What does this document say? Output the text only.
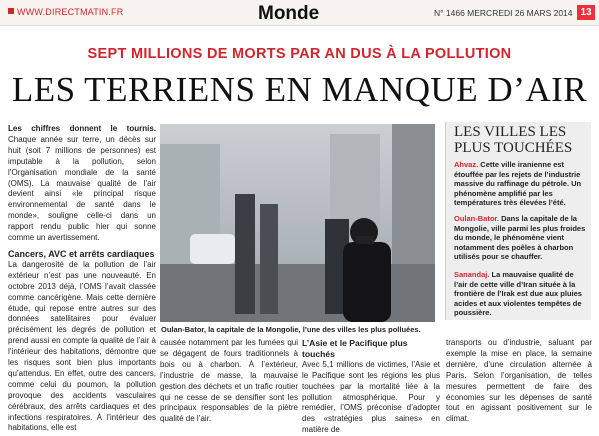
WWW.DIRECTMATIN.FR	Monde	N° 1466 MERCREDI 26 MARS 2014 13
SEPT MILLIONS DE MORTS PAR AN DUS À LA POLLUTION
LES TERRIENS EN MANQUE D’AIR

Les chiffres donnent le tournis. Chaque année sur terre, un décès sur huit (soit 7 millions de personnes) est imputable à la pollution, selon l’Organisation mondiale de la santé (OMS). La mauvaise qualité de l’air devient ainsi «le principal risque environnemental de santé dans le monde», souligne celle-ci dans un rapport rendu public hier qui sonne comme un avertissement.

Cancers, AVC et arrêts cardiaques

La dangerosité de la pollution de l’air extérieur n’est pas une nouveauté. En octobre 2013 déjà, l’OMS l’avait classée comme cancérigène. Mais cette dernière étude, qui repose entre autres sur des données satellitaires pour évaluer précisément les degrés de pollution et prend aussi en compte la qualité de l’air à l’intérieur des habitations, démontre que les risques sont bien plus importants qu’attendus. En effet, outre des cancers, comme celui du poumon, la pollution provoque des accidents vasculaires cérébraux, des arrêts cardiaques et des infections respiratoires. À l’intérieur des habitations, elle est

© NEWSCOM/SIPA
Oulan-Bator, la capitale de la Mongolie, l’une des villes les plus polluées.
LES VILLES LES PLUS TOUCHÉES
Ahvaz. Cette ville iranienne est étouffée par les rejets de l’industrie massive du raffinage du pétrole. Un phénomène amplifié par les températures très élevées l’été.
Oulan-Bator. Dans la capitale de la Mongolie, ville parmi les plus froides du monde, le phénomène vient notamment des poêles à charbon utilisés pour se chauffer.
Sanandaj. La mauvaise qualité de l’air de cette ville d’Iran située à la frontière de l’Irak est due aux pluies acides et aux violentes tempêtes de poussière.

causée notamment par les fumées qui se dégagent de fours traditionnels à bois ou à charbon. À l’extérieur, l’industrie de masse, la mauvaise gestion des déchets et un trafic routier qui ne cesse de se densifier sont les principaux responsables de la piètre qualité de l’air.

L’Asie et le Pacifique plus touchés

Avec 5,1 millions de victimes, l’Asie et le Pacifique sont les régions les plus touchées par la mortalité liée à la pollution atmosphérique. Pour y remédier, l’OMS préconise d’adopter des «stratégies plus saines» en matière de

transports ou d’industrie, saluant par exemple la mise en place, la semaine dernière, d’une circulation alternée à Paris. Selon l’organisation, de telles mesures permettent de faire des économies sur les dépenses de santé tout en agissant positivement sur le climat.
